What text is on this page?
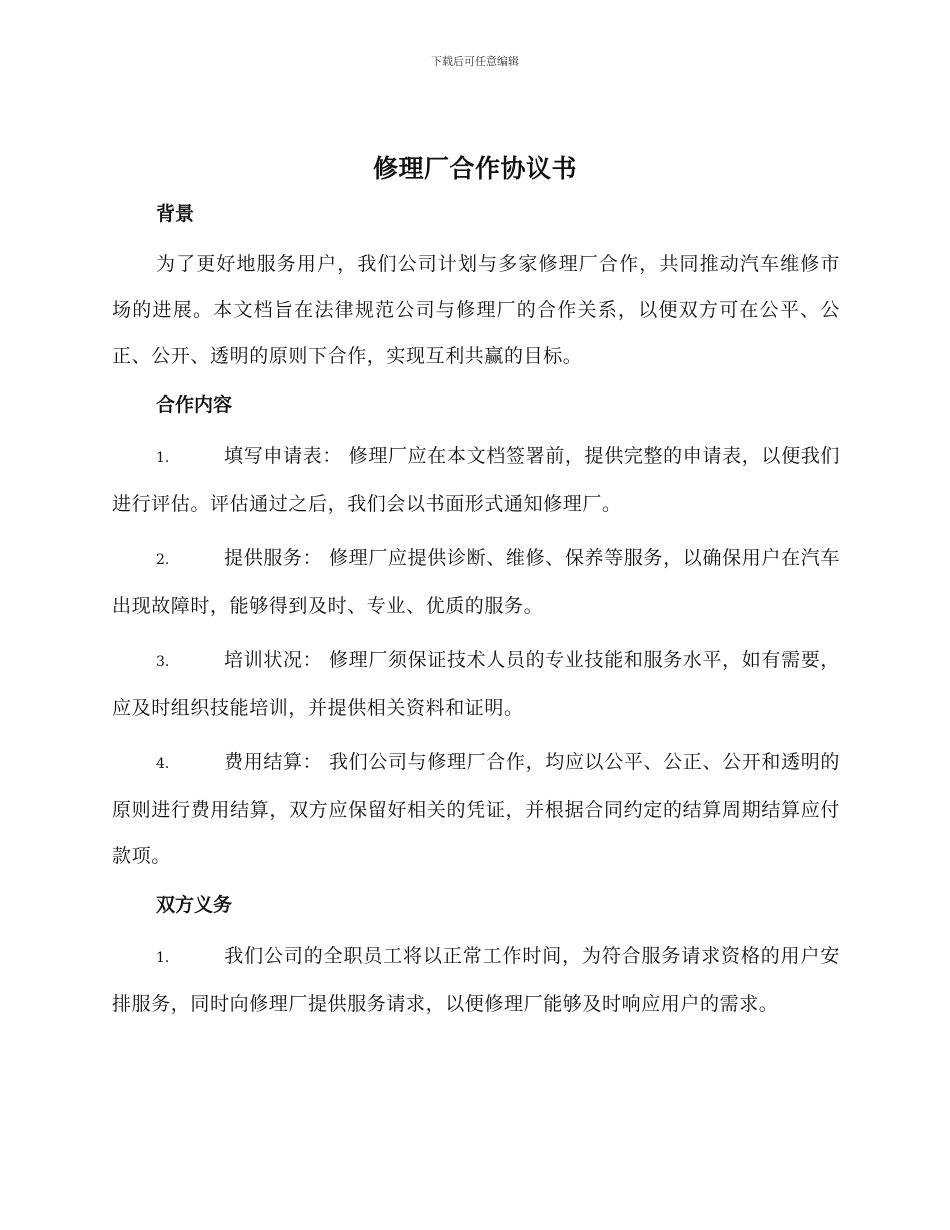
下载后可任意编辑
修理厂合作协议书
背景

为了更好地服务用户，我们公司计划与多家修理厂合作，共同推动汽车维修市场的进展。本文档旨在法律规范公司与修理厂的合作关系，以便双方可在公平、公正、公开、透明的原则下合作，实现互利共赢的目标。

合作内容

1.	填写申请表： 修理厂应在本文档签署前，提供完整的申请表，以便我们进行评估。评估通过之后，我们会以书面形式通知修理厂。

2.	提供服务： 修理厂应提供诊断、维修、保养等服务，以确保用户在汽车出现故障时，能够得到及时、专业、优质的服务。

3.	培训状况： 修理厂须保证技术人员的专业技能和服务水平，如有需要，应及时组织技能培训，并提供相关资料和证明。

4.	费用结算： 我们公司与修理厂合作，均应以公平、公正、公开和透明的原则进行费用结算，双方应保留好相关的凭证，并根据合同约定的结算周期结算应付款项。

双方义务

1.	我们公司的全职员工将以正常工作时间，为符合服务请求资格的用户安排服务，同时向修理厂提供服务请求，以便修理厂能够及时响应用户的需求。
